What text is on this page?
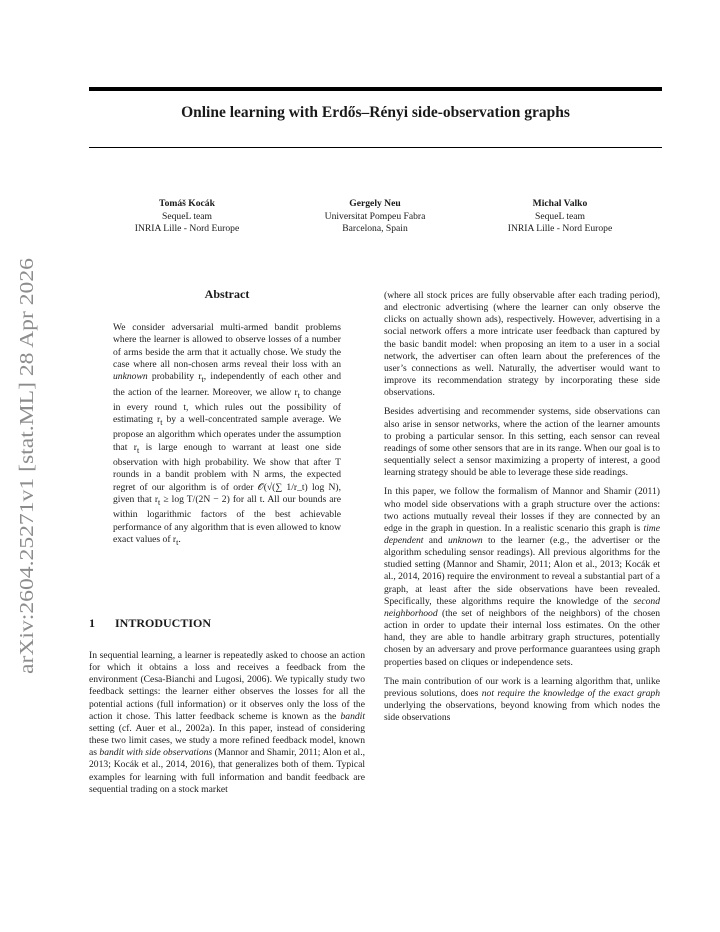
Online learning with Erdős–Rényi side-observation graphs
Tomáš Kocák
SequeL team
INRIA Lille - Nord Europe
Gergely Neu
Universitat Pompeu Fabra
Barcelona, Spain
Michal Valko
SequeL team
INRIA Lille - Nord Europe
arXiv:2604.25271v1 [stat.ML] 28 Apr 2026
Abstract

We consider adversarial multi-armed bandit problems where the learner is allowed to observe losses of a number of arms beside the arm that it actually chose. We study the case where all non-chosen arms reveal their loss with an unknown probability $r_t$, independently of each other and the action of the learner. Moreover, we allow $r_t$ to change in every round t, which rules out the possibility of estimating $r_t$ by a well-concentrated sample average. We propose an algorithm which operates under the assumption that $r_t$ is large enough to warrant at least one side observation with high probability. We show that after T rounds in a bandit problem with N arms, the expected regret of our algorithm is of order 𝒪(√(∑ 1/r_t) log N), given that $r_t \ge \log T/(2N - 2)$ for all t. All our bounds are within logarithmic factors of the best achievable performance of any algorithm that is even allowed to know exact values of $r_t$.

1 INTRODUCTION

In sequential learning, a learner is repeatedly asked to choose an action for which it obtains a loss and receives a feedback from the environment (Cesa-Bianchi and Lugosi, 2006). We typically study two feedback settings: the learner either observes the losses for all the potential actions (full information) or it observes only the loss of the action it chose. This latter feedback scheme is known as the bandit setting (cf. Auer et al., 2002a). In this paper, instead of considering these two limit cases, we study a more refined feedback model, known as bandit with side observations (Mannor and Shamir, 2011; Alon et al., 2013; Kocák et al., 2014, 2016), that generalizes both of them. Typical examples for learning with full information and bandit feedback are sequential trading on a stock market

(where all stock prices are fully observable after each trading period), and electronic advertising (where the learner can only observe the clicks on actually shown ads), respectively. However, advertising in a social network offers a more intricate user feedback than captured by the basic bandit model: when proposing an item to a user in a social network, the advertiser can often learn about the preferences of the user’s connections as well. Naturally, the advertiser would want to improve its recommendation strategy by incorporating these side observations.

Besides advertising and recommender systems, side observations can also arise in sensor networks, where the action of the learner amounts to probing a particular sensor. In this setting, each sensor can reveal readings of some other sensors that are in its range. When our goal is to sequentially select a sensor maximizing a property of interest, a good learning strategy should be able to leverage these side readings.

In this paper, we follow the formalism of Mannor and Shamir (2011) who model side observations with a graph structure over the actions: two actions mutually reveal their losses if they are connected by an edge in the graph in question. In a realistic scenario this graph is time dependent and unknown to the learner (e.g., the advertiser or the algorithm scheduling sensor readings). All previous algorithms for the studied setting (Mannor and Shamir, 2011; Alon et al., 2013; Kocák et al., 2014, 2016) require the environment to reveal a substantial part of a graph, at least after the side observations have been revealed. Specifically, these algorithms require the knowledge of the second neighborhood (the set of neighbors of the neighbors) of the chosen action in order to update their internal loss estimates. On the other hand, they are able to handle arbitrary graph structures, potentially chosen by an adversary and prove performance guarantees using graph properties based on cliques or independence sets.

The main contribution of our work is a learning algorithm that, unlike previous solutions, does not require the knowledge of the exact graph underlying the observations, beyond knowing from which nodes the side observations
